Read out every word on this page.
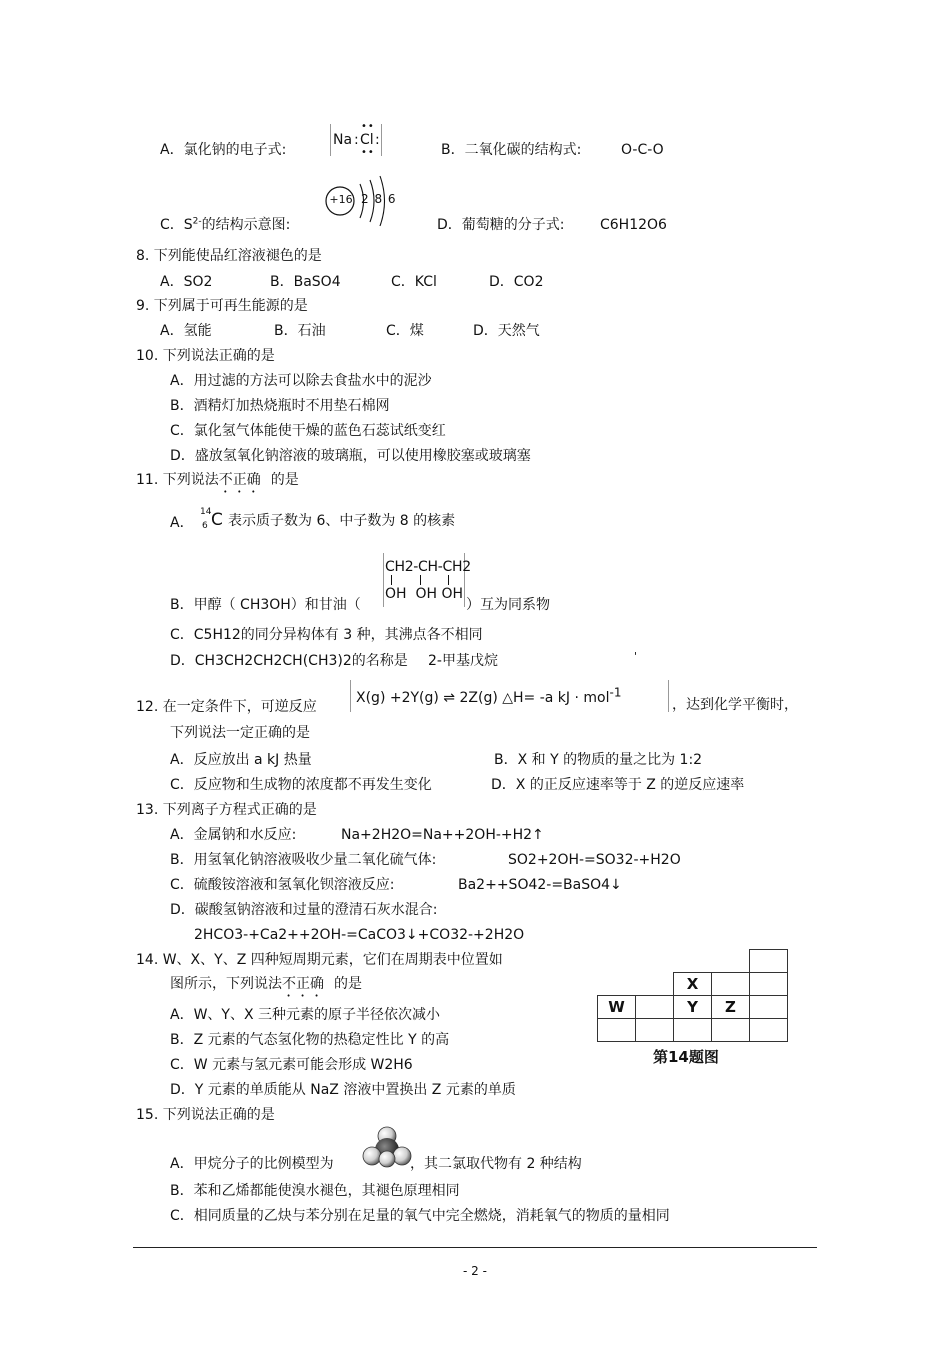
A．氯化钠的电子式:
Na : Cl :
••
••	B．二氧化碳的结构式:	O-C-O
C．$S^{2-}$的结构示意图:
+16 2 8 6
D．葡萄糖的分子式:	C6H12O6
8. 下列能使品红溶液褪色的是
A．SO2	B．BaSO4	C．KCl	D．CO2
9. 下列属于可再生能源的是
A．氢能	B．石油	C．煤	D．天然气
10. 下列说法正确的是
A．用过滤的方法可以除去食盐水中的泥沙
B．酒精灯加热烧瓶时不用垫石棉网
C．氯化氢气体能使干燥的蓝色石蕊试纸变红
D．盛放氢氧化钠溶液的玻璃瓶，可以使用橡胶塞或玻璃塞
11. 下列说法不正确 的是
A．
14
6 C 表示质子数为 6、中子数为 8 的核素
CH2-CH-CH2
OH  OH OH
B．甲醇（ CH3OH）和甘油（	）互为同系物
C．C5H12的同分异构体有 3 种，其沸点各不相同
D．CH3CH2CH2CH(CH3)2的名称是 2-甲基戊烷	'
12. 在一定条件下，可逆反应
X(g) +2Y(g) ⇌ 2Z(g) △H= -a kJ · mol$^{-1}$
，达到化学平衡时，
下列说法一定正确的是
A．反应放出 a kJ 热量	B．X 和 Y 的物质的量之比为 1:2
C．反应物和生成物的浓度都不再发生变化	D．X 的正反应速率等于 Z 的逆反应速率
13. 下列离子方程式正确的是
A．金属钠和水反应:	Na+2H2O=Na++2OH-+H2↑
B．用氢氧化钠溶液吸收少量二氧化硫气体:	SO2+2OH-=SO32-+H2O
C．硫酸铵溶液和氢氧化钡溶液反应:	Ba2++SO42-=BaSO4↓
D．碳酸氢钠溶液和过量的澄清石灰水混合:
2HCO3-+Ca2++2OH-=CaCO3↓+CO32-+2H2O
14. W、X、Y、Z 四种短周期元素，它们在周期表中位置如
图所示，下列说法不正确 的是
A．W、Y、X 三种元素的原子半径依次减小
B．Z 元素的气态氢化物的热稳定性比 Y 的高
C．W 元素与氢元素可能会形成 W2H6
D．Y 元素的单质能从 NaZ 溶液中置换出 Z 元素的单质

		X		
W		Y	Z	

第14题图
15. 下列说法正确的是
A．甲烷分子的比例模型为	，其二氯取代物有 2 种结构
B．苯和乙烯都能使溴水褪色，其褪色原理相同
C．相同质量的乙炔与苯分别在足量的氧气中完全燃烧，消耗氧气的物质的量相同
- 2 -
